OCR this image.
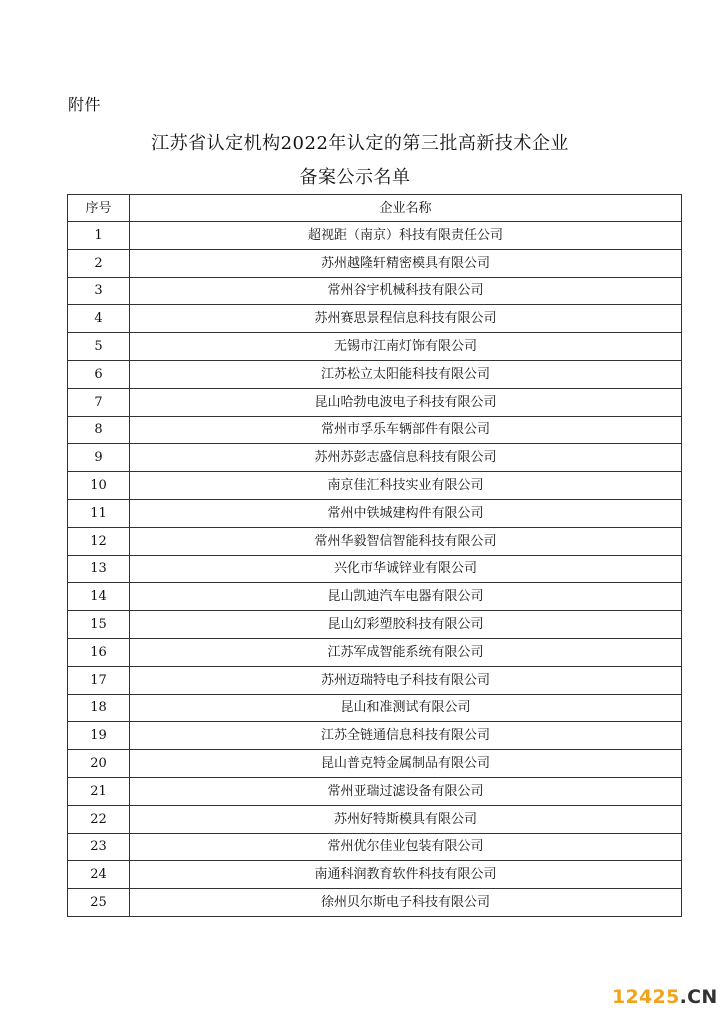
附件
江苏省认定机构2022年认定的第三批高新技术企业
备案公示名单
序号	企业名称
1	超视距（南京）科技有限责任公司
2	苏州越隆轩精密模具有限公司
3	常州谷宇机械科技有限公司
4	苏州赛思景程信息科技有限公司
5	无锡市江南灯饰有限公司
6	江苏松立太阳能科技有限公司
7	昆山哈勃电波电子科技有限公司
8	常州市孚乐车辆部件有限公司
9	苏州苏彭志盛信息科技有限公司
10	南京佳汇科技实业有限公司
11	常州中铁城建构件有限公司
12	常州华毅智信智能科技有限公司
13	兴化市华诚锌业有限公司
14	昆山凯迪汽车电器有限公司
15	昆山幻彩塑胶科技有限公司
16	江苏军成智能系统有限公司
17	苏州迈瑞特电子科技有限公司
18	昆山和准测试有限公司
19	江苏全链通信息科技有限公司
20	昆山普克特金属制品有限公司
21	常州亚瑞过滤设备有限公司
22	苏州好特斯模具有限公司
23	常州优尔佳业包装有限公司
24	南通科润教育软件科技有限公司
25	徐州贝尔斯电子科技有限公司
12425.CN
